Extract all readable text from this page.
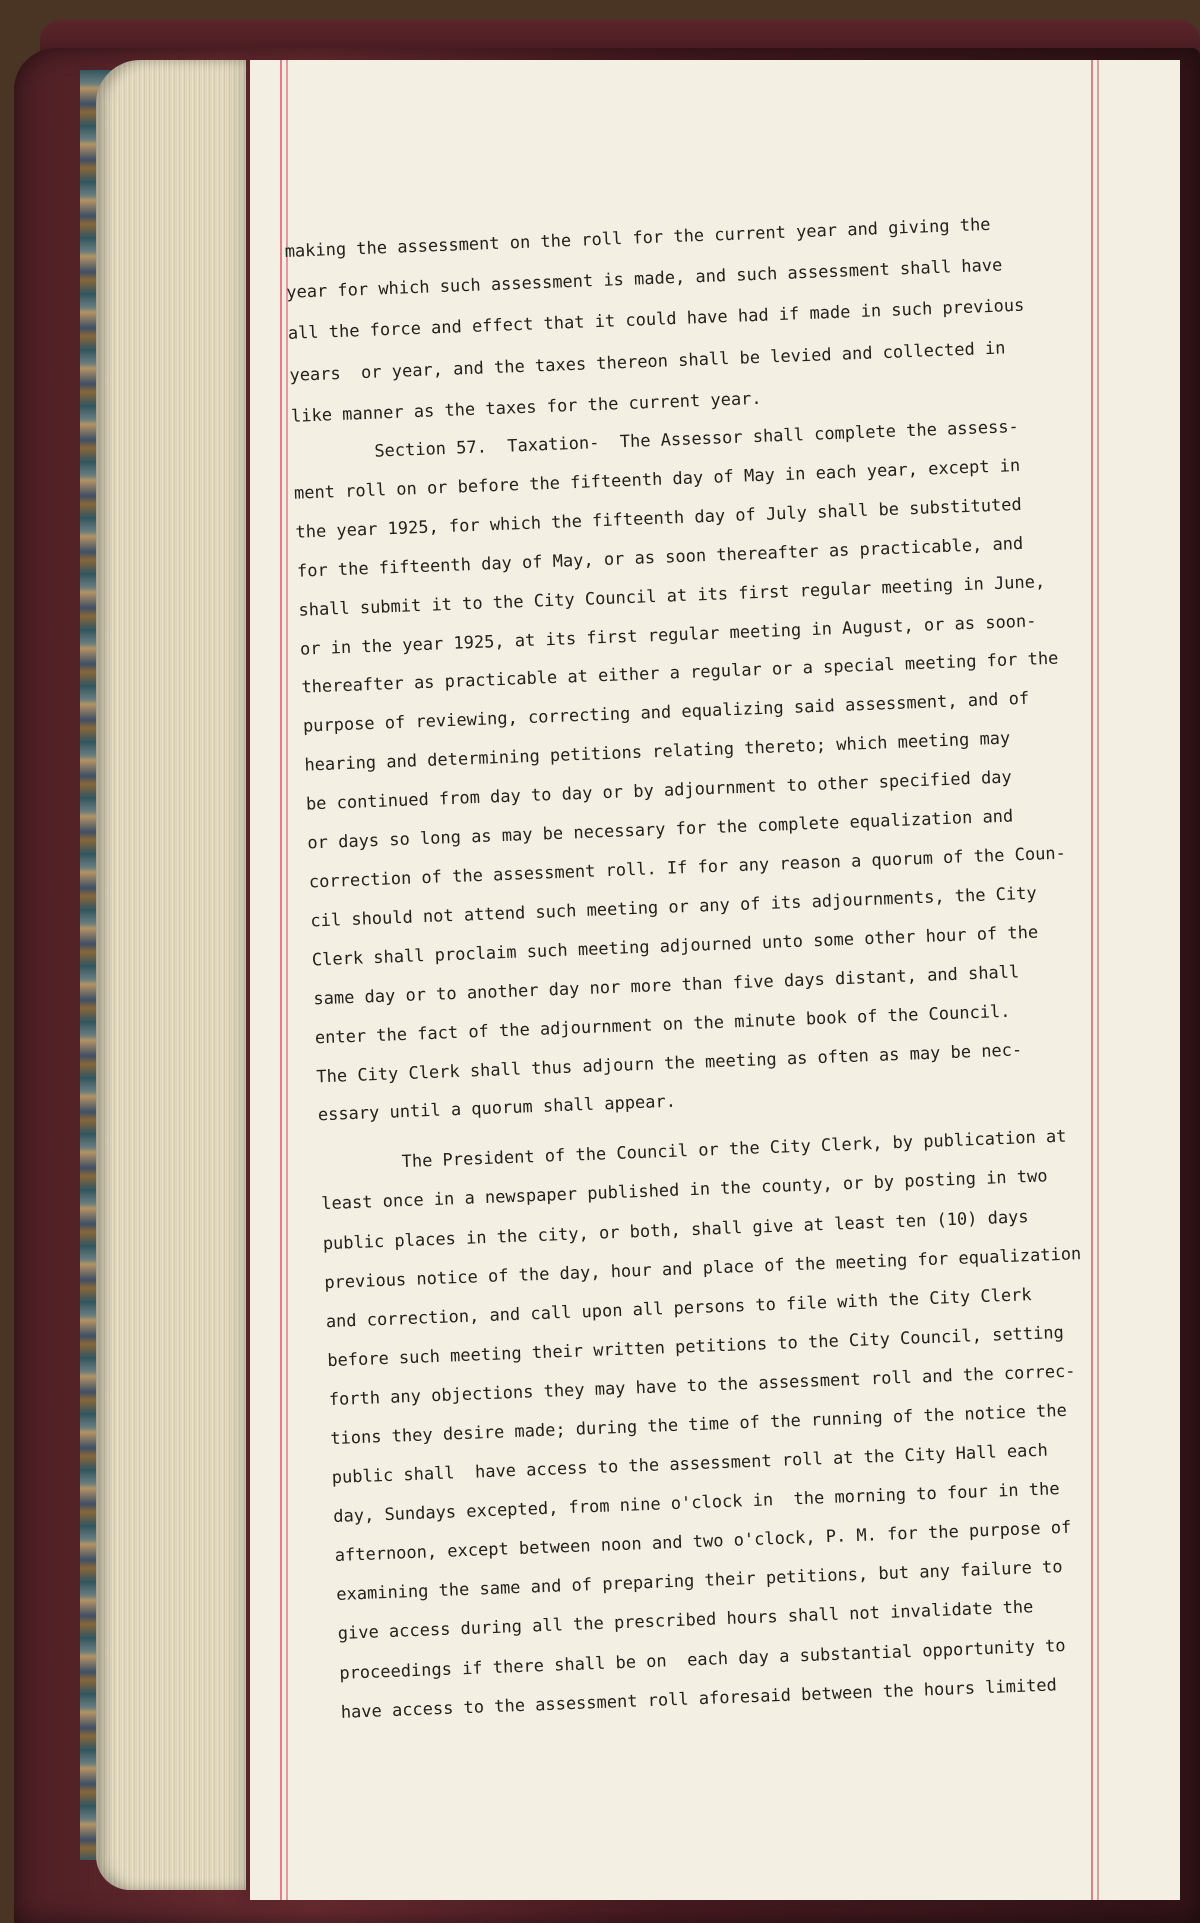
making the assessment on the roll for the current year and giving the
year for which such assessment is made, and such assessment shall have
all the force and effect that it could have had if made in such previous
years  or year, and the taxes thereon shall be levied and collected in
like manner as the taxes for the current year.
Section 57.  Taxation-  The Assessor shall complete the assess-
ment roll on or before the fifteenth day of May in each year, except in
the year 1925, for which the fifteenth day of July shall be substituted
for the fifteenth day of May, or as soon thereafter as practicable, and
shall submit it to the City Council at its first regular meeting in June,
or in the year 1925, at its first regular meeting in August, or as soon-
thereafter as practicable at either a regular or a special meeting for the
purpose of reviewing, correcting and equalizing said assessment, and of
hearing and determining petitions relating thereto; which meeting may
be continued from day to day or by adjournment to other specified day
or days so long as may be necessary for the complete equalization and
correction of the assessment roll. If for any reason a quorum of the Coun-
cil should not attend such meeting or any of its adjournments, the City
Clerk shall proclaim such meeting adjourned unto some other hour of the
same day or to another day nor more than five days distant, and shall
enter the fact of the adjournment on the minute book of the Council.
The City Clerk shall thus adjourn the meeting as often as may be nec-
essary until a quorum shall appear.
The President of the Council or the City Clerk, by publication at
least once in a newspaper published in the county, or by posting in two
public places in the city, or both, shall give at least ten (10) days
previous notice of the day, hour and place of the meeting for equalization
and correction, and call upon all persons to file with the City Clerk
before such meeting their written petitions to the City Council, setting
forth any objections they may have to the assessment roll and the correc-
tions they desire made; during the time of the running of the notice the
public shall  have access to the assessment roll at the City Hall each
day, Sundays excepted, from nine o'clock in  the morning to four in the
afternoon, except between noon and two o'clock, P. M. for the purpose of
examining the same and of preparing their petitions, but any failure to
give access during all the prescribed hours shall not invalidate the
proceedings if there shall be on  each day a substantial opportunity to
have access to the assessment roll aforesaid between the hours limited
